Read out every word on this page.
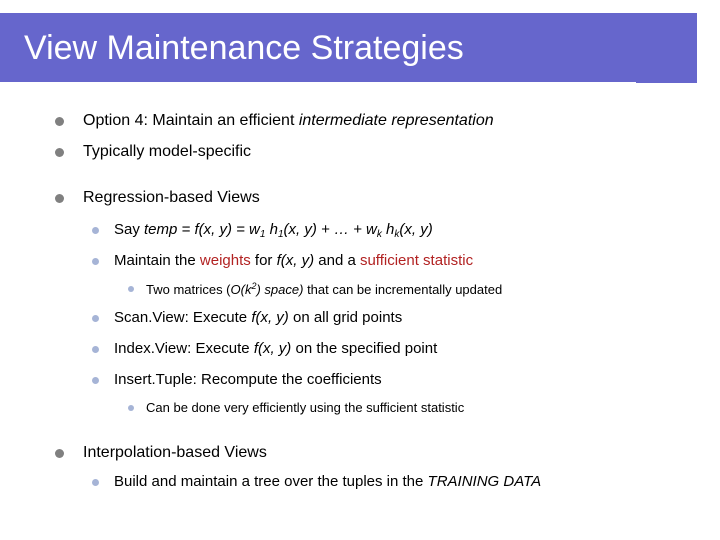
View Maintenance Strategies
Option 4: Maintain an efficient intermediate representation
Typically model-specific
Regression-based Views
Say temp = f(x, $y) = w_1$ $h_1(x$, y) + … + $w_k$ $h_k(x$, y)
Maintain the weights for f(x, y) and a sufficient statistic
Two matrices ($O(k^2)$ space) that can be incrementally updated
Scan.View: Execute f(x, y) on all grid points
Index.View: Execute f(x, y) on the specified point
Insert.Tuple: Recompute the coefficients
Can be done very efficiently using the sufficient statistic
Interpolation-based Views
Build and maintain a tree over the tuples in the TRAINING DATA
